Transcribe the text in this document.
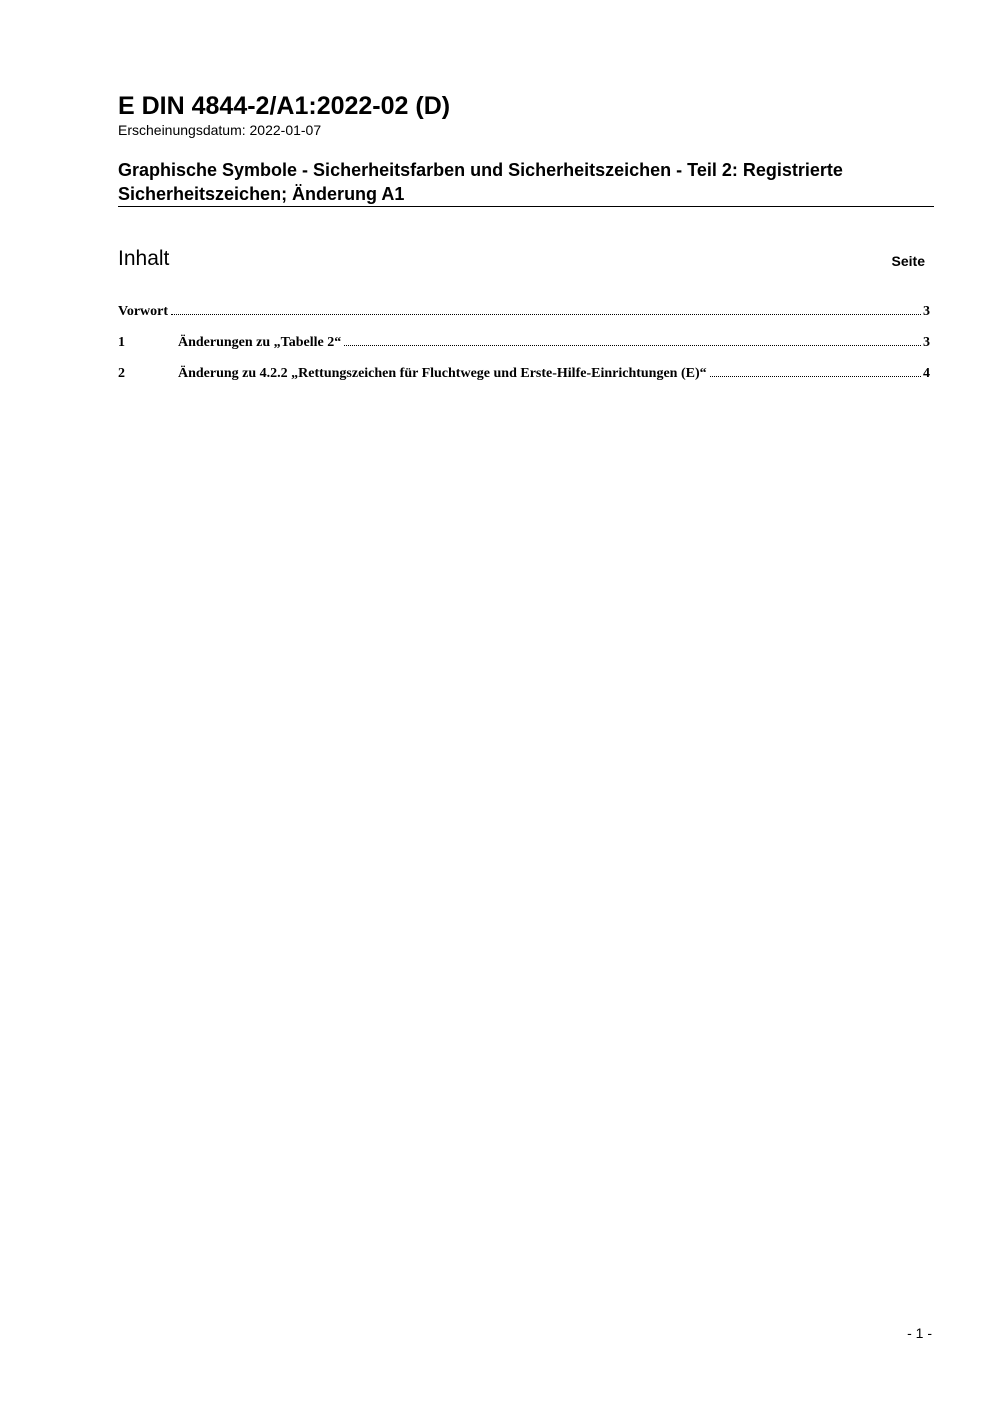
E DIN 4844-2/A1:2022-02 (D)
Erscheinungsdatum: 2022-01-07
Graphische Symbole - Sicherheitsfarben und Sicherheitszeichen - Teil 2: Registrierte Sicherheitszeichen; Änderung A1
Inhalt	Seite
Vorwort	3
1	Änderungen zu „Tabelle 2“	3
2	Änderung zu 4.2.2 „Rettungszeichen für Fluchtwege und Erste-Hilfe-Einrichtungen (E)“	4
- 1 -
